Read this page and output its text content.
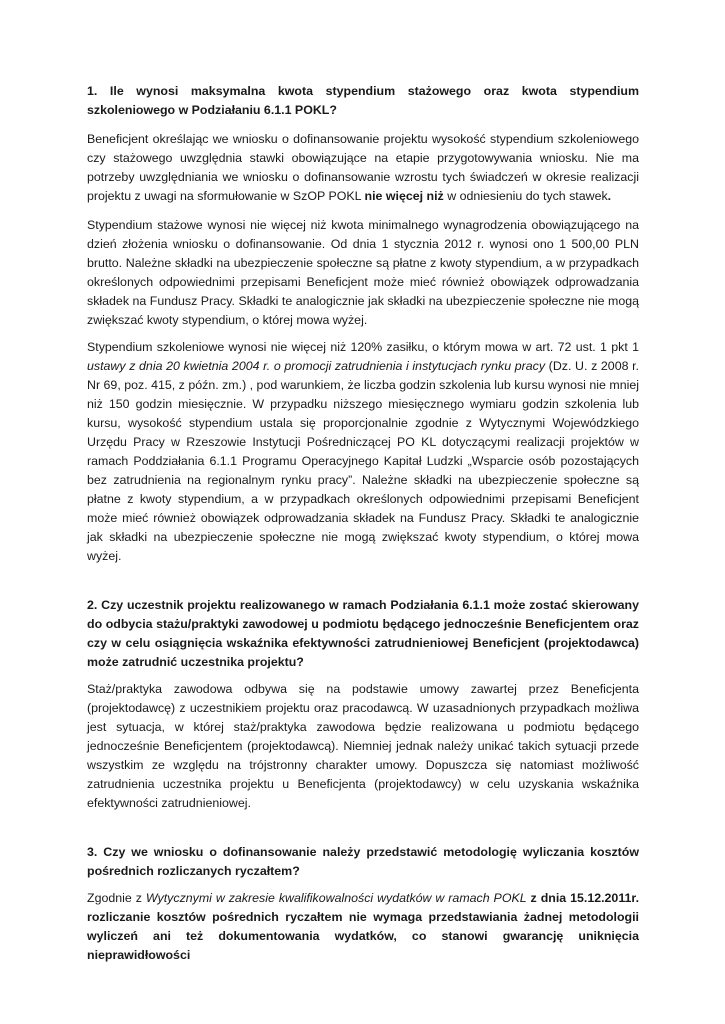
1. Ile wynosi maksymalna kwota stypendium stażowego oraz kwota stypendium szkoleniowego w Podziałaniu 6.1.1 POKL?

Beneficjent określając we wniosku o dofinansowanie projektu wysokość stypendium szkoleniowego czy stażowego uwzględnia stawki obowiązujące na etapie przygotowywania wniosku. Nie ma potrzeby uwzględniania we wniosku o dofinansowanie wzrostu tych świadczeń w okresie realizacji projektu z uwagi na sformułowanie w SzOP POKL nie więcej niż w odniesieniu do tych stawek.

Stypendium stażowe wynosi nie więcej niż kwota minimalnego wynagrodzenia obowiązującego na dzień złożenia wniosku o dofinansowanie. Od dnia 1 stycznia 2012 r. wynosi ono 1 500,00 PLN brutto. Należne składki na ubezpieczenie społeczne są płatne z kwoty stypendium, a w przypadkach określonych odpowiednimi przepisami Beneficjent może mieć również obowiązek odprowadzania składek na Fundusz Pracy. Składki te analogicznie jak składki na ubezpieczenie społeczne nie mogą zwiększać kwoty stypendium, o której mowa wyżej.

Stypendium szkoleniowe wynosi nie więcej niż 120% zasiłku, o którym mowa w art. 72 ust. 1 pkt 1 ustawy z dnia 20 kwietnia 2004 r. o promocji zatrudnienia i instytucjach rynku pracy (Dz. U. z 2008 r. Nr 69, poz. 415, z późn. zm.) , pod warunkiem, że liczba godzin szkolenia lub kursu wynosi nie mniej niż 150 godzin miesięcznie. W przypadku niższego miesięcznego wymiaru godzin szkolenia lub kursu, wysokość stypendium ustala się proporcjonalnie zgodnie z Wytycznymi Wojewódzkiego Urzędu Pracy w Rzeszowie Instytucji Pośredniczącej PO KL dotyczącymi realizacji projektów w ramach Poddziałania 6.1.1 Programu Operacyjnego Kapitał Ludzki „Wsparcie osób pozostających bez zatrudnienia na regionalnym rynku pracy”. Należne składki na ubezpieczenie społeczne są płatne z kwoty stypendium, a w przypadkach określonych odpowiednimi przepisami Beneficjent może mieć również obowiązek odprowadzania składek na Fundusz Pracy. Składki te analogicznie jak składki na ubezpieczenie społeczne nie mogą zwiększać kwoty stypendium, o której mowa wyżej.

2. Czy uczestnik projektu realizowanego w ramach Podziałania 6.1.1 może zostać skierowany do odbycia stażu/praktyki zawodowej u podmiotu będącego jednocześnie Beneficjentem oraz czy w celu osiągnięcia wskaźnika efektywności zatrudnieniowej Beneficjent (projektodawca) może zatrudnić uczestnika projektu?

Staż/praktyka zawodowa odbywa się na podstawie umowy zawartej przez Beneficjenta (projektodawcę) z uczestnikiem projektu oraz pracodawcą. W uzasadnionych przypadkach możliwa jest sytuacja, w której staż/praktyka zawodowa będzie realizowana u podmiotu będącego jednocześnie Beneficjentem (projektodawcą). Niemniej jednak należy unikać takich sytuacji przede wszystkim ze względu na trójstronny charakter umowy. Dopuszcza się natomiast możliwość zatrudnienia uczestnika projektu u Beneficjenta (projektodawcy) w celu uzyskania wskaźnika efektywności zatrudnieniowej.

3. Czy we wniosku o dofinansowanie należy przedstawić metodologię wyliczania kosztów pośrednich rozliczanych ryczałtem?

Zgodnie z Wytycznymi w zakresie kwalifikowalności wydatków w ramach POKL z dnia 15.12.2011r. rozliczanie kosztów pośrednich ryczałtem nie wymaga przedstawiania żadnej metodologii wyliczeń ani też dokumentowania wydatków, co stanowi gwarancję uniknięcia nieprawidłowości
